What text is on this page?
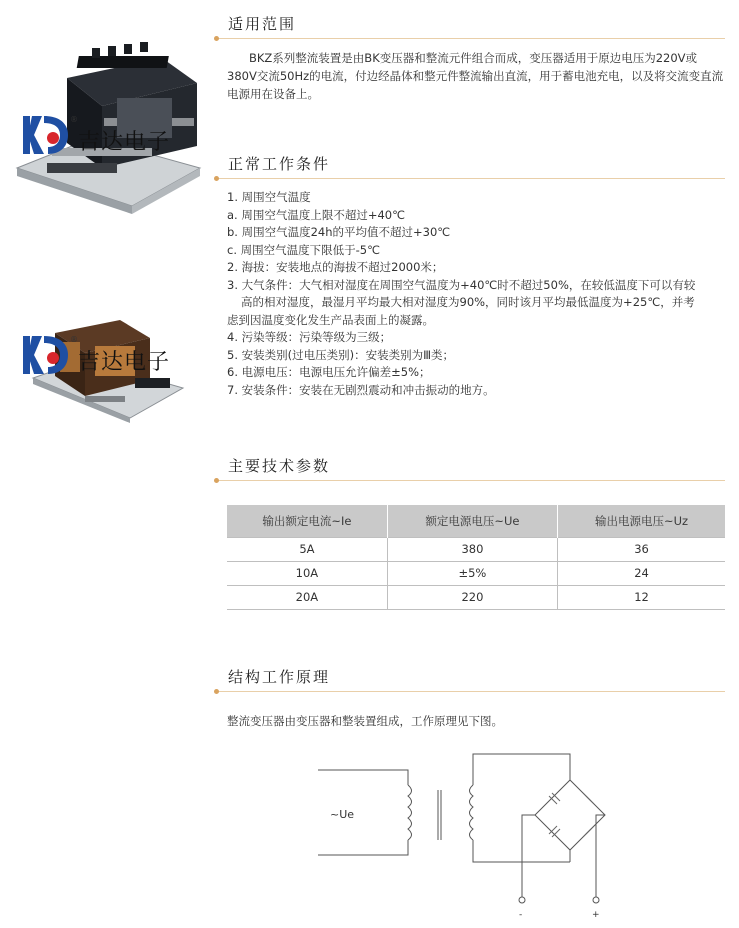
®
吉达电子
®
吉达电子
适用范围

BKZ系列整流装置是由BK变压器和整流元件组合而成，变压器适用于原边电压为220V或380V交流50Hz的电流，付边经晶体和整元件整流输出直流，用于蓄电池充电，以及将交流变直流电源用在设备上。

正常工作条件
1. 周围空气温度
a. 周围空气温度上限不超过+40℃
b. 周围空气温度24h的平均值不超过+30℃
c. 周围空气温度下限低于-5℃
2. 海拔：安装地点的海拔不超过2000米；
3. 大气条件：大气相对湿度在周围空气温度为+40℃时不超过50%，在较低温度下可以有较
高的相对湿度，最湿月平均最大相对湿度为90%，同时该月平均最低温度为+25℃，并考
虑到因温度变化发生产品表面上的凝露。
4. 污染等级：污染等级为三级；
5. 安装类别(过电压类别)：安装类别为Ⅲ类；
6. 电源电压：电源电压允许偏差±5%；
7. 安装条件：安装在无剧烈震动和冲击振动的地方。
主要技术参数
输出额定电流~Ie	额定电源电压~Ue	输出电源电压~Uz
5A	380	36
10A	±5%	24
20A	220	12
结构工作原理

整流变压器由变压器和整装置组成，工作原理见下图。

~Ue
-	+
